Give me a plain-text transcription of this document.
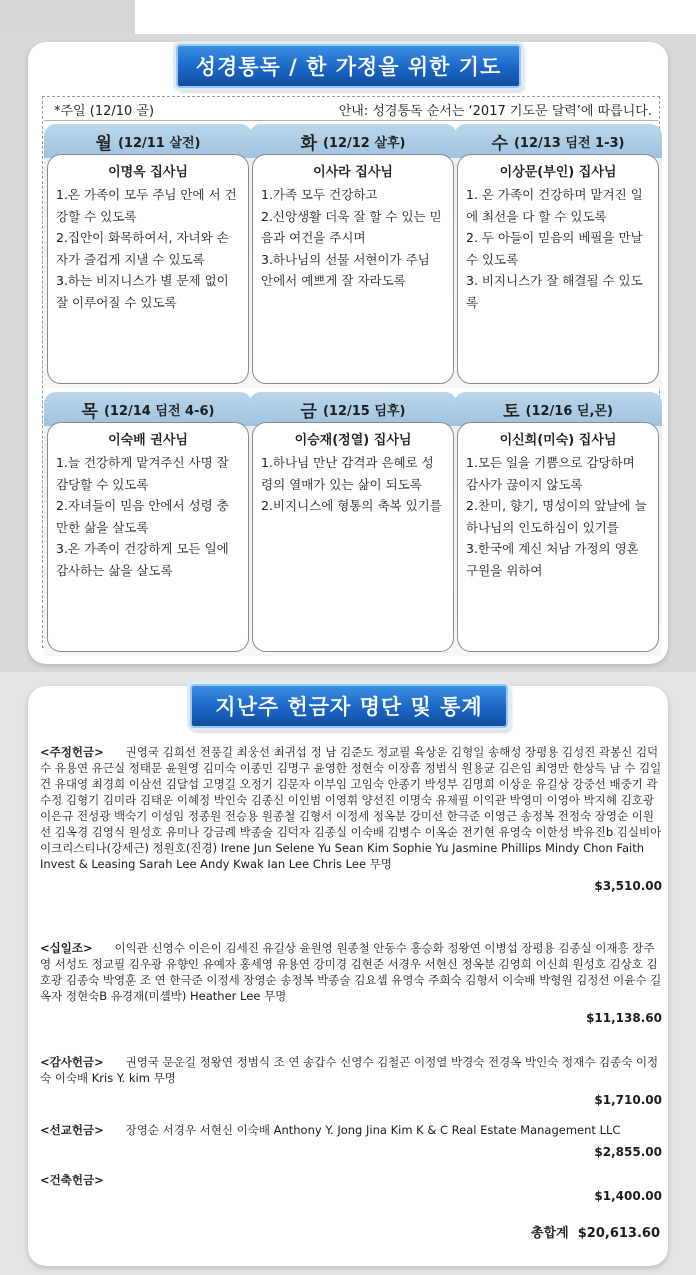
성경통독 / 한 가정을 위한 기도
*주일 (12/10 골)	안내: 성경통독 순서는 ‘2017 기도문 달력’에 따릅니다.
월 (12/11 살전)
이명옥 집사님
1.온 가족이 모두 주님 안에 서 건강할 수 있도록
2.집안이 화목하여서, 자녀와 손자가 즐겁게 지낼 수 있도록
3.하는 비지니스가 별 문제 없이 잘 이루어질 수 있도록
화 (12/12 살후)
이사라 집사님
1.가족 모두 건강하고
2.신앙생활 더욱 잘 할 수 있는 믿음과 여건을 주시며
3.하나님의 선물 서현이가 주님 안에서 예쁘게 잘 자라도록
수 (12/13 딤전 1-3)
이상문(부인) 집사님
1. 온 가족이 건강하며 맡겨진 일에 최선을 다 할 수 있도록
2. 두 아들이 믿음의 베필을 만날 수 있도록
3. 비지니스가 잘 해결될 수 있도록
목 (12/14 딤전 4-6)
이숙배 권사님
1.늘 건강하게 맡겨주신 사명 잘 감당할 수 있도록
2.자녀들이 믿음 안에서 성령 충만한 삶을 살도록
3.온 가족이 건강하게 모든 일에 감사하는 삶을 살도록
금 (12/15 딤후)
이승재(정열) 집사님
1.하나님 만난 감격과 은혜로 성령의 열매가 있는 삶이 되도록
2.비지니스에 형통의 축복 있기를
토 (12/16 딛,몬)
이신희(미숙) 집사님
1.모든 일을 기쁨으로 감당하며 감사가 끊이지 않도록
2.찬미, 향기, 명성이의 앞날에 늘 하나님의 인도하심이 있기를
3.한국에 계신 처남 가정의 영혼 구원을 위하여
지난주 헌금자 명단 및 통계
<주정헌금> 권영국 김희선 전풍길 최웅선 최귀섭 정 남 김준도 정교필 육상운 김형일 송해성 장평용 김성진 곽봉신 김덕수 유용연 유근실 정태문 윤원영 김미숙 이종민 김명구 윤영한 정현숙 이장흠 정범식 원용균 김은임 최영만 한상득 남 수 김일건 유대영 최경희 이삼선 김달섭 고명길 오정기 김문자 이부임 고임숙 안종기 박성부 김명희 이상운 유길상 강중선 배중기 곽수정 김형기 김미라 김태운 이혜정 박인숙 김종신 이인범 이영휘 양선진 이명숙 유제필 이익관 박영미 이영아 박지혜 김호광 이은규 전성광 백숙기 이성임 정종원 전승용 원종철 김형서 이정세 정옥분 강미선 한극준 이영근 송정복 전정숙 장영순 이원선 김옥경 김영식 원성호 유미나 강금례 박종술 김덕자 김종실 이숙배 김병수 이옥순 전기현 유영숙 이한성 박유진b 김실비아 이크리스티나(강세근) 정원호(진경) Irene Jun Selene Yu Sean Kim Sophie Yu Jasmine Phillips Mindy Chon Faith Invest & Leasing Sarah Lee Andy Kwak Ian Lee Chris Lee 무명
$3,510.00
<십일조> 이익관 신영수 이은이 김세진 유길상 윤원영 원종철 안동수 홍승화 정왕연 이병섭 장평용 김종실 이재흥 장주영 서성도 정교필 김우광 유향인 유예자 홍세영 유용연 강미경 김현준 서경우 서현신 정옥분 김영희 이신희 원성호 김상호 김호광 김종숙 박영훈 조 연 한극준 이정세 장영순 송정복 박종술 김요셉 유영숙 주희숙 김형서 이숙배 박형원 김정선 이윤수 길옥자 정현숙B 유경재(미셸박) Heather Lee 무명
$11,138.60
<감사헌금> 권영국 문운길 정왕연 정범식 조 연 송갑수 신영수 김철곤 이정열 박경숙 전경옥 박인숙 정재수 김종숙 이정숙 이숙배 Kris Y. kim 무명
$1,710.00
<선교헌금> 장영순 서경우 서현신 이숙배 Anthony Y. Jong Jina Kim K & C Real Estate Management LLC
$2,855.00
<건축헌금>
$1,400.00
총합계 $20,613.60
